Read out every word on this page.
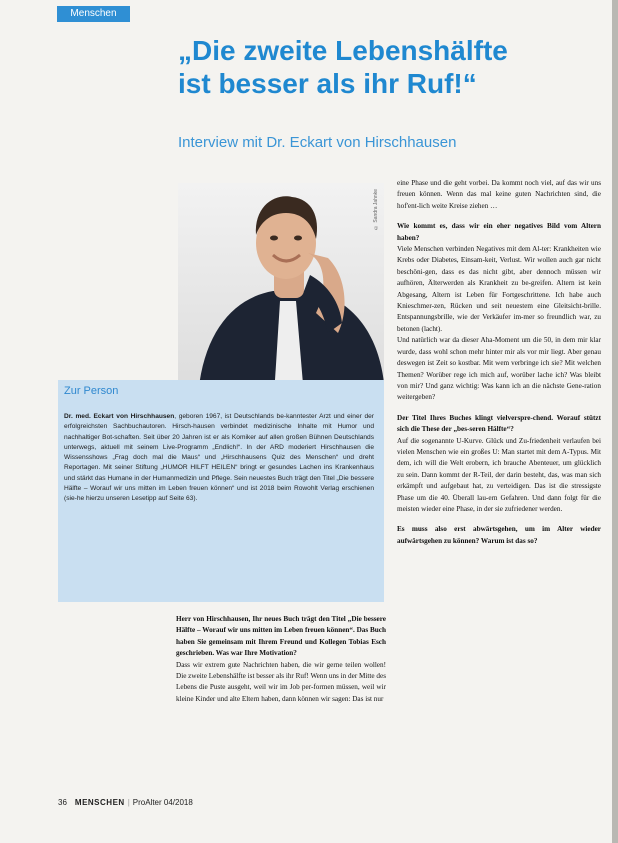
Menschen
„Die zweite Lebenshälfte
ist besser als ihr Ruf!“
Interview mit Dr. Eckart von Hirschhausen
© Sandra Jahnke
Zur Person
Dr. med. Eckart von Hirschhausen, geboren 1967, ist Deutschlands be-kanntester Arzt und einer der erfolgreichsten Sachbuchautoren. Hirsch-hausen verbindet medizinische Inhalte mit Humor und nachhaltiger Bot-schaften. Seit über 20 Jahren ist er als Komiker auf allen großen Bühnen Deutschlands unterwegs, aktuell mit seinem Live-Programm „Endlich!“. In der ARD moderiert Hirschhausen die Wissensshows „Frag doch mal die Maus“ und „Hirschhausens Quiz des Menschen“ und dreht Reportagen. Mit seiner Stiftung „HUMOR HILFT HEILEN“ bringt er gesundes Lachen ins Krankenhaus und stärkt das Humane in der Humanmedizin und Pflege. Sein neuestes Buch trägt den Titel „Die bessere Hälfte – Worauf wir uns mitten im Leben freuen können“ und ist 2018 beim Rowohlt Verlag erschienen (sie-he hierzu unseren Lesetipp auf Seite 63).

Herr von Hirschhausen, Ihr neues Buch trägt den Titel „Die bessere Hälfte – Worauf wir uns mitten im Leben freuen können“. Das Buch haben Sie gemeinsam mit Ihrem Freund und Kollegen Tobias Esch geschrieben. Was war Ihre Motivation?

Dass wir extrem gute Nachrichten haben, die wir gerne teilen wollen! Die zweite Lebenshälfte ist besser als ihr Ruf! Wenn uns in der Mitte des Lebens die Puste ausgeht, weil wir im Job per-formen müssen, weil wir kleine Kinder und alte Eltern haben, dann können wir sagen: Das ist nur

eine Phase und die geht vorbei. Da kommt noch viel, auf das wir uns freuen können. Wenn das mal keine guten Nachrichten sind, die hof'ent-lich weite Kreise ziehen …

Wie kommt es, dass wir ein eher negatives Bild vom Altern haben?

Viele Menschen verbinden Negatives mit dem Al-ter: Krankheiten wie Krebs oder Diabetes, Einsam-keit, Verlust. Wir wollen auch gar nicht beschöni-gen, dass es das nicht gibt, aber dennoch müssen wir aufhören, Älterwerden als Krankheit zu be-greifen. Altern ist kein Abgesang, Altern ist Leben für Fortgeschrittene. Ich habe auch Knieschmer-zen, Rücken und seit neuestem eine Gleitsicht-brille. Entspannungsbrille, wie der Verkäufer im-mer so freundlich war, zu betonen (lacht).

Und natürlich war da dieser Aha-Moment um die 50, in dem mir klar wurde, dass wohl schon mehr hinter mir als vor mir liegt. Aber genau deswegen ist Zeit so kostbar. Mit wem verbringe ich sie? Mit welchen Themen? Worüber rege ich mich auf, worüber lache ich? Was bleibt von mir? Und ganz wichtig: Was kann ich an die nächste Gene-ration weitergeben?

Der Titel Ihres Buches klingt vielverspre-chend. Worauf stützt sich die These der „bes-seren Hälfte“?

Auf die sogenannte U-Kurve. Glück und Zu-friedenheit verlaufen bei vielen Menschen wie ein großes U: Man startet mit dem A-Typus. Mit dem, ich will die Welt erobern, ich brauche Abenteuer, um glücklich zu sein. Dann kommt der R-Teil, der darin besteht, das, was man sich erkämpft und aufgebaut hat, zu verteidigen. Das ist die stressigste Phase um die 40. Überall lau-ern Gefahren. Und dann folgt für die meisten wieder eine Phase, in der sie zufriedener werden.

Es muss also erst abwärtsgehen, um im Alter wieder aufwärtsgehen zu können? Warum ist das so?

36 MENSCHEN | ProAlter 04/2018
